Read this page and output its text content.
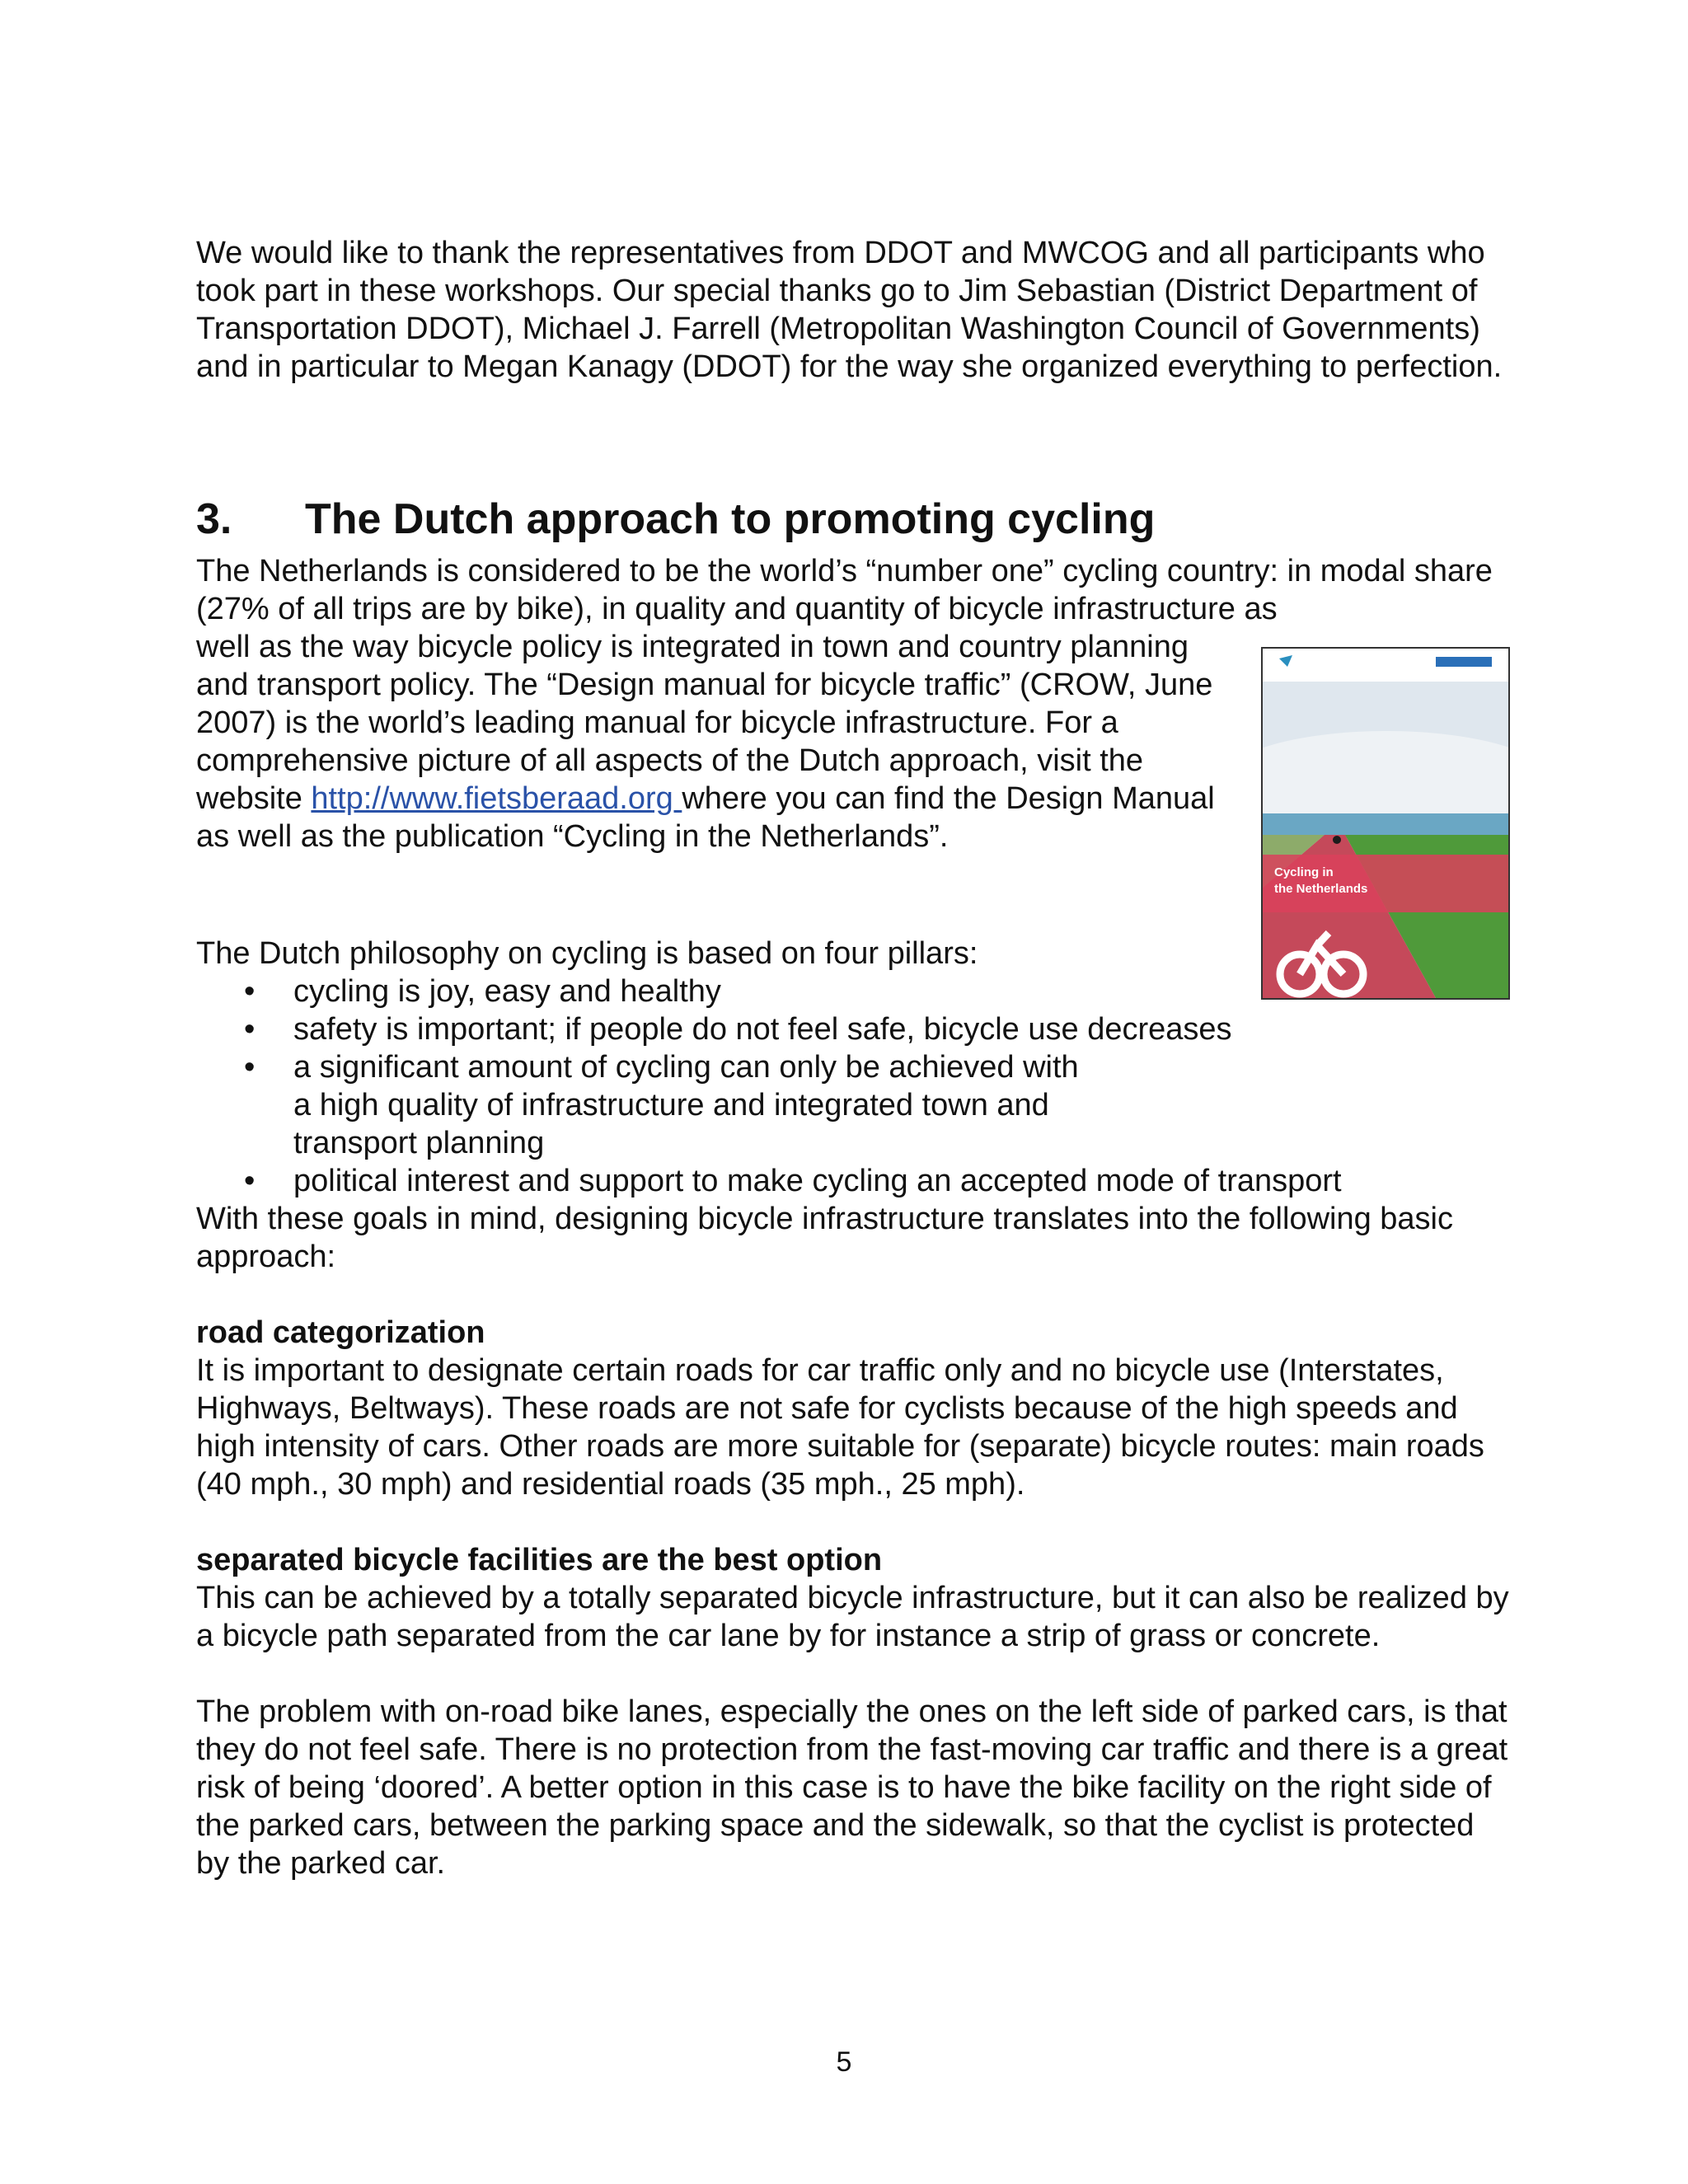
We would like to thank the representatives from DDOT and MWCOG and all participants who took part in these workshops. Our special thanks go to Jim Sebastian (District Department of Transportation DDOT), Michael J. Farrell (Metropolitan Washington Council of Governments) and in particular to Megan Kanagy (DDOT) for the way she organized everything to perfection.

3. The Dutch approach to promoting cycling

The Netherlands is considered to be the world’s “number one” cycling country: in modal share (27% of all trips are by bike), in quality and quantity of bicycle infrastructure as

well as the way bicycle policy is integrated in town and country planning and transport policy. The “Design manual for bicycle traffic” (CROW, June 2007) is the world’s leading manual for bicycle infrastructure. For a comprehensive picture of all aspects of the Dutch approach, visit the website http://www.fietsberaad.org where you can find the Design Manual as well as the publication “Cycling in the Netherlands”.

Cycling in
the Netherlands

The Dutch philosophy on cycling is based on four pillars:

• cycling is joy, easy and healthy
• safety is important; if people do not feel safe, bicycle use decreases
• a significant amount of cycling can only be achieved with a high quality of infrastructure and integrated town and transport planning
• political interest and support to make cycling an accepted mode of transport

With these goals in mind, designing bicycle infrastructure translates into the following basic approach:

road categorization
It is important to designate certain roads for car traffic only and no bicycle use (Interstates, Highways, Beltways). These roads are not safe for cyclists because of the high speeds and high intensity of cars. Other roads are more suitable for (separate) bicycle routes: main roads (40 mph., 30 mph) and residential roads (35 mph., 25 mph).

separated bicycle facilities are the best option
This can be achieved by a totally separated bicycle infrastructure, but it can also be realized by a bicycle path separated from the car lane by for instance a strip of grass or concrete.

The problem with on-road bike lanes, especially the ones on the left side of parked cars, is that they do not feel safe. There is no protection from the fast-moving car traffic and there is a great risk of being ‘doored’. A better option in this case is to have the bike facility on the right side of the parked cars, between the parking space and the sidewalk, so that the cyclist is protected by the parked car.

5
